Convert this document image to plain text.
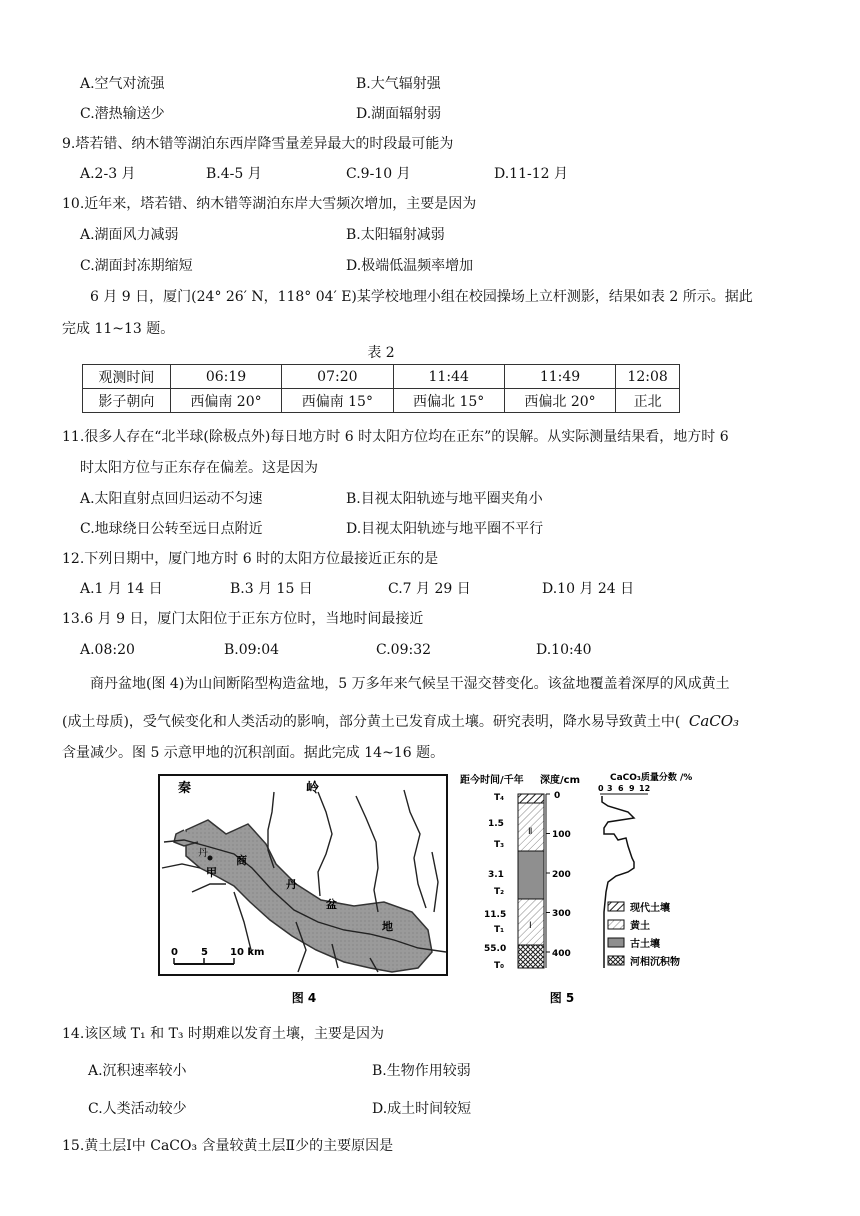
A.空气对流强	B.大气辐射强
C.潜热输送少	D.湖面辐射弱
9.塔若错、纳木错等湖泊东西岸降雪量差异最大的时段最可能为
A.2-3 月	B.4-5 月	C.9-10 月	D.11-12 月
10.近年来，塔若错、纳木错等湖泊东岸大雪频次增加，主要是因为
A.湖面风力减弱	B.太阳辐射减弱
C.湖面封冻期缩短	D.极端低温频率增加
6 月 9 日，厦门(24° 26′ N，118° 04′ E)某学校地理小组在校园操场上立杆测影，结果如表 2 所示。据此
完成 11~13 题。
表 2
观测时间	06:19	07:20	11:44	11:49	12:08
影子朝向	西偏南 20°	西偏南 15°	西偏北 15°	西偏北 20°	正北
11.很多人存在“北半球(除极点外)每日地方时 6 时太阳方位均在正东”的误解。从实际测量结果看，地方时 6
时太阳方位与正东存在偏差。这是因为
A.太阳直射点回归运动不匀速	B.目视太阳轨迹与地平圈夹角小
C.地球绕日公转至远日点附近	D.目视太阳轨迹与地平圈不平行
12.下列日期中，厦门地方时 6 时的太阳方位最接近正东的是
A.1 月 14 日	B.3 月 15 日	C.7 月 29 日	D.10 月 24 日
13.6 月 9 日，厦门太阳位于正东方位时，当地时间最接近
A.08:20	B.09:04	C.09:32	D.10:40
商丹盆地(图 4)为山间断陷型构造盆地，5 万多年来气候呈干湿交替变化。该盆地覆盖着深厚的风成黄土
(成土母质)，受气候变化和人类活动的影响，部分黄土已发育成土壤。研究表明，降水易导致黄土中( CaCO₃
含量减少。图 5 示意甲地的沉积剖面。据此完成 14~16 题。
秦	岭
丹
甲
商
丹
盆
地
0 5 10 km
图 4
距今时间/千年 深度/cm	CaCO₃质量分数 /%
Ⅱ
Ⅰ
T₄
1.5
T₃
3.1
T₂
11.5
T₁
55.0
T₀
0
100
200
300
400
0 3 6 9 12
现代土壤
黄土
古土壤
河相沉积物
图 5
14.该区域 T₁ 和 T₃ 时期难以发育土壤，主要是因为
A.沉积速率较小	B.生物作用较弱
C.人类活动较少	D.成土时间较短
15.黄土层Ⅰ中 CaCO₃ 含量较黄土层Ⅱ少的主要原因是
